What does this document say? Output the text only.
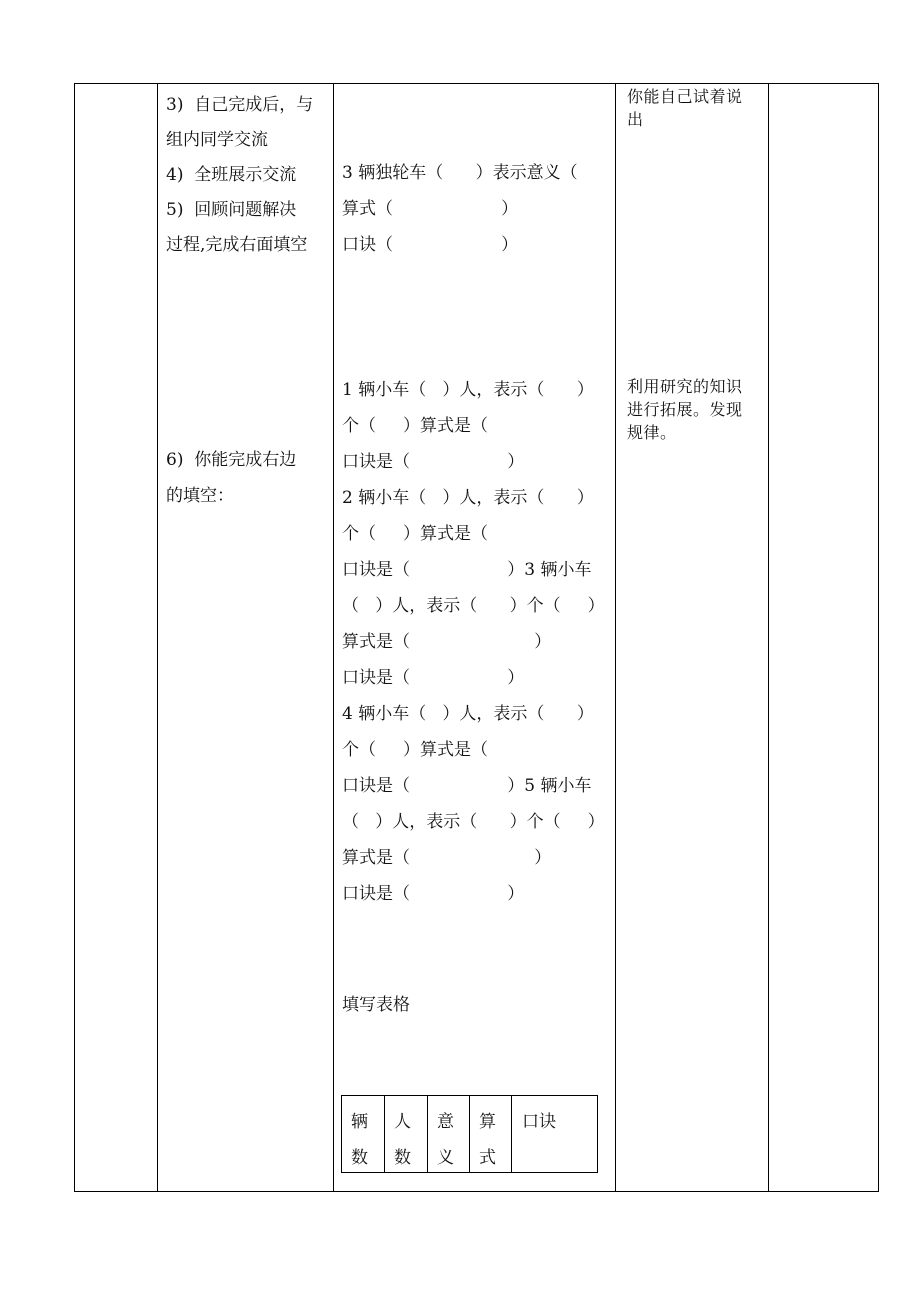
3)  自己完成后，与
组内同学交流
4)  全班展示交流
5)  回顾问题解决
过程,完成右面填空
6)  你能完成右边
的填空：
3 辆独轮车（      ）表示意义（
算式（                    ）
口诀（                    ）
1 辆小车（   ）人，表示（      ）
个（     ）算式是（
口诀是（                  ）
2 辆小车（   ）人，表示（      ）
个（     ）算式是（
口诀是（                  ）3 辆小车
（   ）人，表示（      ）个（     ）
算式是（                       ）
口诀是（                  ）
4 辆小车（   ）人，表示（      ）
个（     ）算式是（
口诀是（                  ）5 辆小车
（   ）人，表示（      ）个（     ）
算式是（                       ）
口诀是（                  ）
填写表格
辆
数
人
数
意
义
算
式
口诀
你能自己试着说
出
利用研究的知识
进行拓展。发现
规律。
